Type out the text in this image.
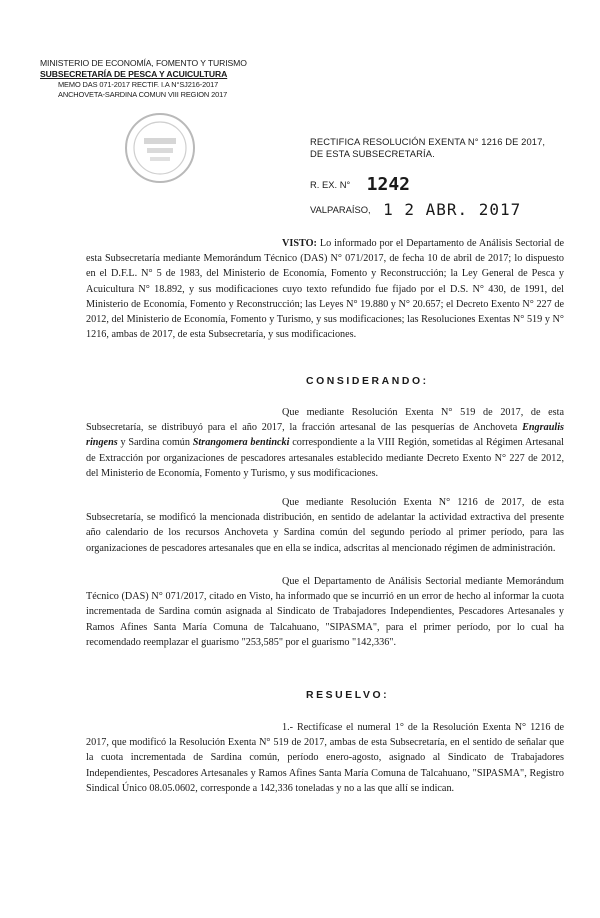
MINISTERIO DE ECONOMÍA, FOMENTO Y TURISMO
SUBSECRETARÍA DE PESCA Y ACUICULTURA
MEMO DAS 071-2017 RECTIF. I.A N°SJ216-2017
ANCHOVETA-SARDINA COMUN VIII REGION 2017
RECTIFICA RESOLUCIÓN EXENTA N° 1216 DE 2017,
DE ESTA SUBSECRETARÍA.
R. EX. N° 1242
VALPARAÍSO, 1 2 ABR. 2017

VISTO: Lo informado por el Departamento de Análisis Sectorial de esta Subsecretaría mediante Memorándum Técnico (DAS) N° 071/2017, de fecha 10 de abril de 2017; lo dispuesto en el D.F.L. N° 5 de 1983, del Ministerio de Economía, Fomento y Reconstrucción; la Ley General de Pesca y Acuicultura N° 18.892, y sus modificaciones cuyo texto refundido fue fijado por el D.S. N° 430, de 1991, del Ministerio de Economía, Fomento y Reconstrucción; las Leyes N° 19.880 y N° 20.657; el Decreto Exento N° 227 de 2012, del Ministerio de Economía, Fomento y Turismo, y sus modificaciones; las Resoluciones Exentas N° 519 y N° 1216, ambas de 2017, de esta Subsecretaría, y sus modificaciones.

CONSIDERANDO:

Que mediante Resolución Exenta N° 519 de 2017, de esta Subsecretaría, se distribuyó para el año 2017, la fracción artesanal de las pesquerías de Anchoveta Engraulis ringens y Sardina común Strangomera bentincki correspondiente a la VIII Región, sometidas al Régimen Artesanal de Extracción por organizaciones de pescadores artesanales establecido mediante Decreto Exento N° 227 de 2012, del Ministerio de Economía, Fomento y Turismo, y sus modificaciones.

Que mediante Resolución Exenta N° 1216 de 2017, de esta Subsecretaría, se modificó la mencionada distribución, en sentido de adelantar la actividad extractiva del presente año calendario de los recursos Anchoveta y Sardina común del segundo período al primer período, para las organizaciones de pescadores artesanales que en ella se indica, adscritas al mencionado régimen de administración.

Que el Departamento de Análisis Sectorial mediante Memorándum Técnico (DAS) N° 071/2017, citado en Visto, ha informado que se incurrió en un error de hecho al informar la cuota incrementada de Sardina común asignada al Sindicato de Trabajadores Independientes, Pescadores Artesanales y Ramos Afines Santa María Comuna de Talcahuano, "SIPASMA", para el primer período, por lo cual ha recomendado reemplazar el guarismo "253,585" por el guarismo "142,336".

RESUELVO:

1.- Rectifícase el numeral 1° de la Resolución Exenta N° 1216 de 2017, que modificó la Resolución Exenta N° 519 de 2017, ambas de esta Subsecretaría, en el sentido de señalar que la cuota incrementada de Sardina común, período enero-agosto, asignado al Sindicato de Trabajadores Independientes, Pescadores Artesanales y Ramos Afines Santa María Comuna de Talcahuano, "SIPASMA", Registro Sindical Único 08.05.0602, corresponde a 142,336 toneladas y no a las que allí se indican.
